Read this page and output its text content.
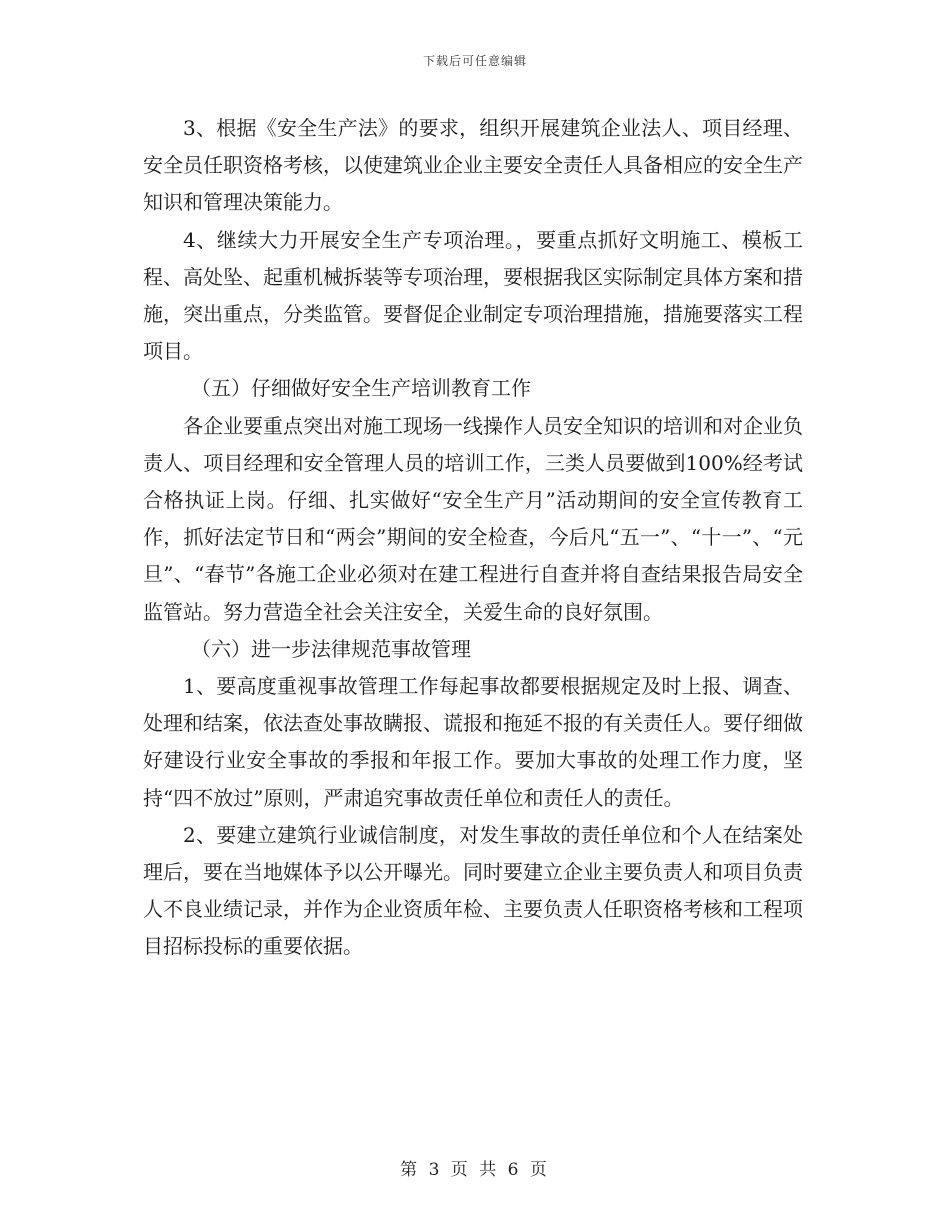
下载后可任意编辑

3、根据《安全生产法》的要求，组织开展建筑企业法人、项目经理、安全员任职资格考核，以使建筑业企业主要安全责任人具备相应的安全生产知识和管理决策能力。

4、继续大力开展安全生产专项治理。，要重点抓好文明施工、模板工程、高处坠、起重机械拆装等专项治理，要根据我区实际制定具体方案和措施，突出重点，分类监管。要督促企业制定专项治理措施，措施要落实工程项目。

（五）仔细做好安全生产培训教育工作

各企业要重点突出对施工现场一线操作人员安全知识的培训和对企业负责人、项目经理和安全管理人员的培训工作，三类人员要做到100%经考试合格执证上岗。仔细、扎实做好“安全生产月”活动期间的安全宣传教育工作，抓好法定节日和“两会”期间的安全检查，今后凡“五一”、“十一”、“元旦”、“春节”各施工企业必须对在建工程进行自查并将自查结果报告局安全监管站。努力营造全社会关注安全，关爱生命的良好氛围。

（六）进一步法律规范事故管理

1、要高度重视事故管理工作每起事故都要根据规定及时上报、调查、处理和结案，依法查处事故瞒报、谎报和拖延不报的有关责任人。要仔细做好建设行业安全事故的季报和年报工作。要加大事故的处理工作力度，坚持“四不放过”原则，严肃追究事故责任单位和责任人的责任。

2、要建立建筑行业诚信制度，对发生事故的责任单位和个人在结案处理后，要在当地媒体予以公开曝光。同时要建立企业主要负责人和项目负责人不良业绩记录，并作为企业资质年检、主要负责人任职资格考核和工程项目招标投标的重要依据。

第 3 页 共 6 页
